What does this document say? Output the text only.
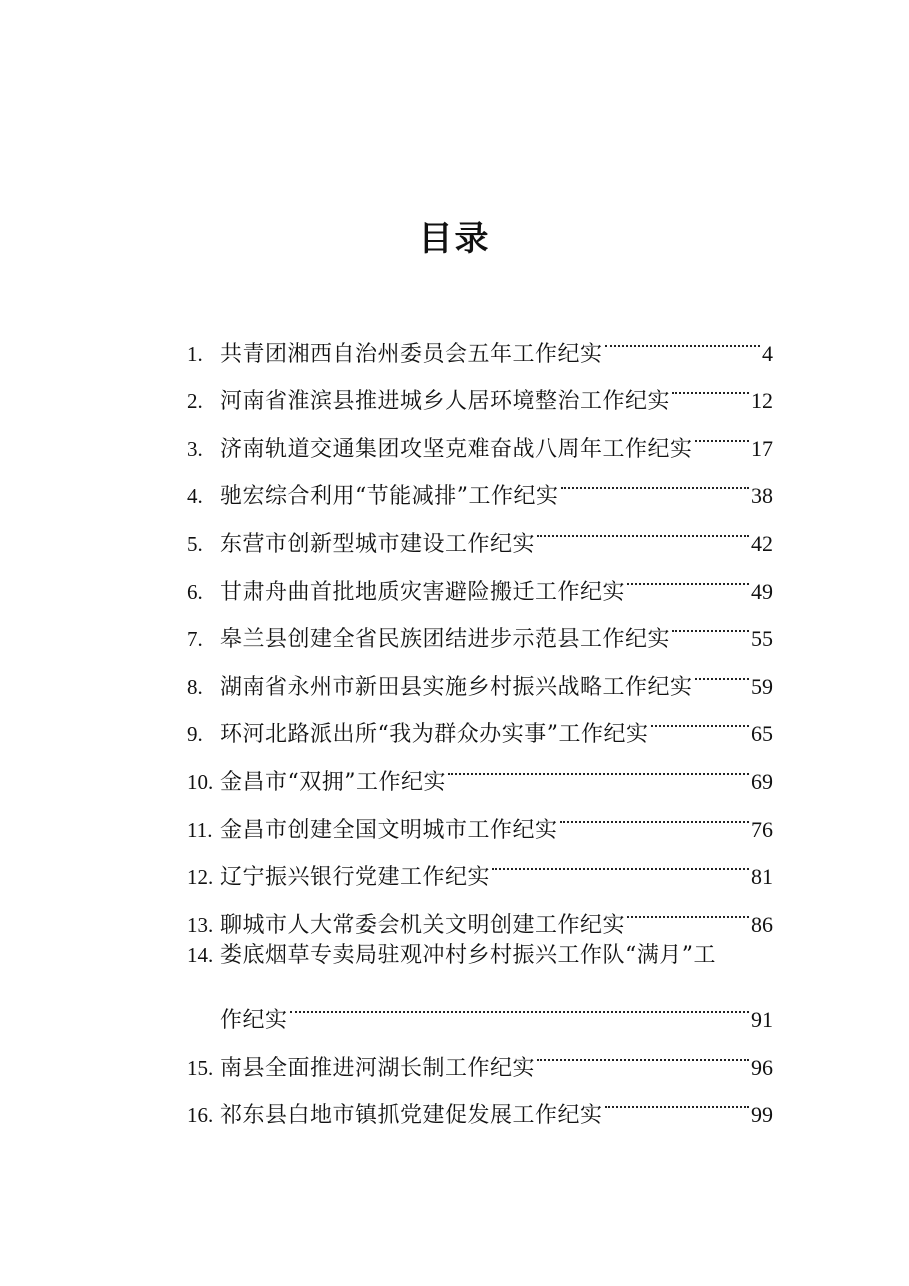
目录
1. 共青团湘西自治州委员会五年工作纪实	4
2. 河南省淮滨县推进城乡人居环境整治工作纪实	12
3. 济南轨道交通集团攻坚克难奋战八周年工作纪实	17
4. 驰宏综合利用“节能减排”工作纪实	38
5. 东营市创新型城市建设工作纪实	42
6. 甘肃舟曲首批地质灾害避险搬迁工作纪实	49
7. 皋兰县创建全省民族团结进步示范县工作纪实	55
8. 湖南省永州市新田县实施乡村振兴战略工作纪实	59
9. 环河北路派出所“我为群众办实事”工作纪实	65
10. 金昌市“双拥”工作纪实	69
11. 金昌市创建全国文明城市工作纪实	76
12. 辽宁振兴银行党建工作纪实	81
13. 聊城市人大常委会机关文明创建工作纪实	86
14. 娄底烟草专卖局驻观冲村乡村振兴工作队“满月”工
作纪实	91
15. 南县全面推进河湖长制工作纪实	96
16. 祁东县白地市镇抓党建促发展工作纪实	99
